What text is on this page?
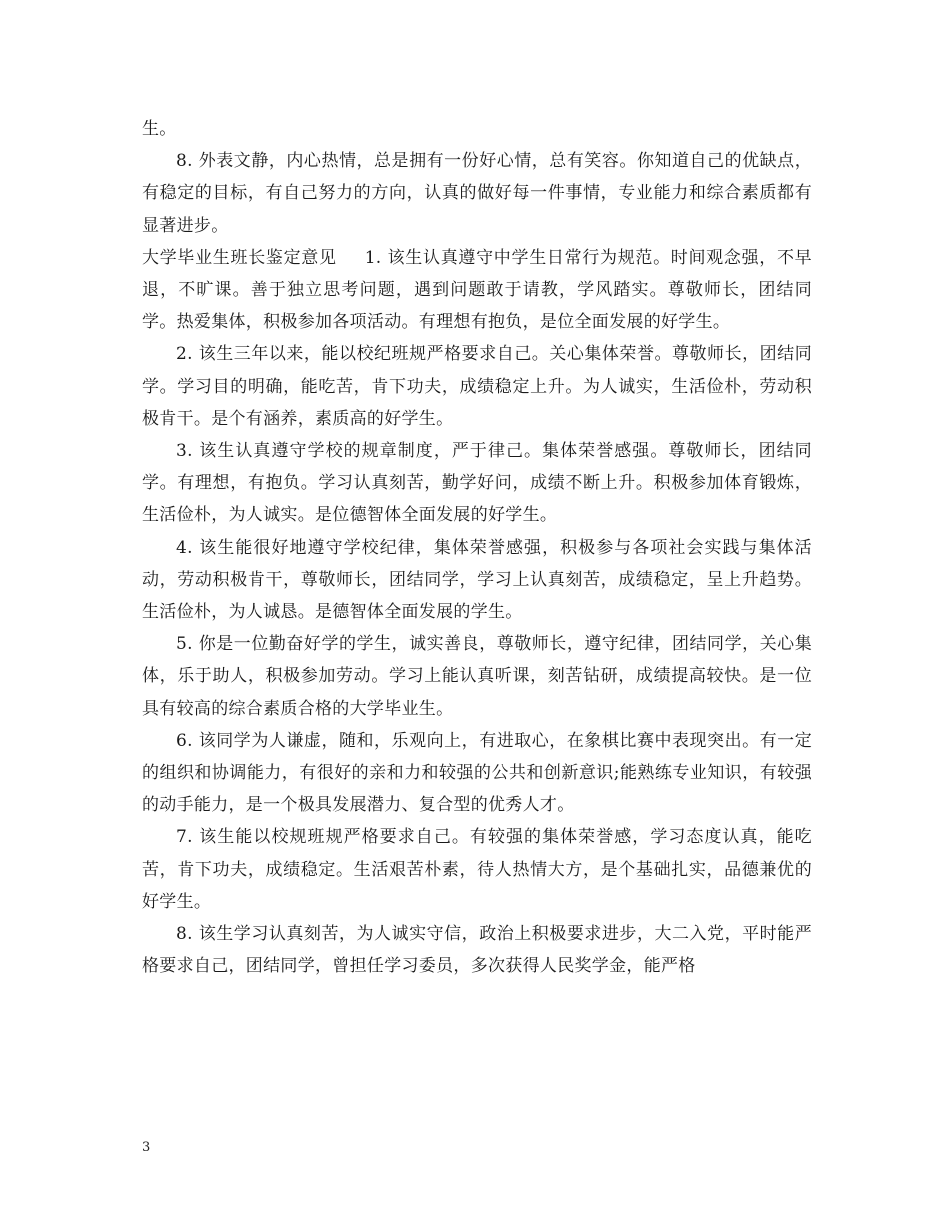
生。

8. 外表文静，内心热情，总是拥有一份好心情，总有笑容。你知道自己的优缺点，有稳定的目标，有自己努力的方向，认真的做好每一件事情，专业能力和综合素质都有显著进步。

大学毕业生班长鉴定意见 1. 该生认真遵守中学生日常行为规范。时间观念强，不早退，不旷课。善于独立思考问题，遇到问题敢于请教，学风踏实。尊敬师长，团结同学。热爱集体，积极参加各项活动。有理想有抱负，是位全面发展的好学生。

2. 该生三年以来，能以校纪班规严格要求自己。关心集体荣誉。尊敬师长，团结同学。学习目的明确，能吃苦，肯下功夫，成绩稳定上升。为人诚实，生活俭朴，劳动积极肯干。是个有涵养，素质高的好学生。

3. 该生认真遵守学校的规章制度，严于律己。集体荣誉感强。尊敬师长，团结同学。有理想，有抱负。学习认真刻苦，勤学好问，成绩不断上升。积极参加体育锻炼，生活俭朴，为人诚实。是位德智体全面发展的好学生。

4. 该生能很好地遵守学校纪律，集体荣誉感强，积极参与各项社会实践与集体活动，劳动积极肯干，尊敬师长，团结同学，学习上认真刻苦，成绩稳定，呈上升趋势。生活俭朴，为人诚恳。是德智体全面发展的学生。

5. 你是一位勤奋好学的学生，诚实善良，尊敬师长，遵守纪律，团结同学，关心集体，乐于助人，积极参加劳动。学习上能认真听课，刻苦钻研，成绩提高较快。是一位具有较高的综合素质合格的大学毕业生。

6. 该同学为人谦虚，随和，乐观向上，有进取心，在象棋比赛中表现突出。有一定的组织和协调能力，有很好的亲和力和较强的公共和创新意识;能熟练专业知识，有较强的动手能力，是一个极具发展潜力、复合型的优秀人才。

7. 该生能以校规班规严格要求自己。有较强的集体荣誉感，学习态度认真，能吃苦，肯下功夫，成绩稳定。生活艰苦朴素，待人热情大方，是个基础扎实，品德兼优的好学生。

8. 该生学习认真刻苦，为人诚实守信，政治上积极要求进步，大二入党，平时能严格要求自己，团结同学，曾担任学习委员，多次获得人民奖学金，能严格

3
